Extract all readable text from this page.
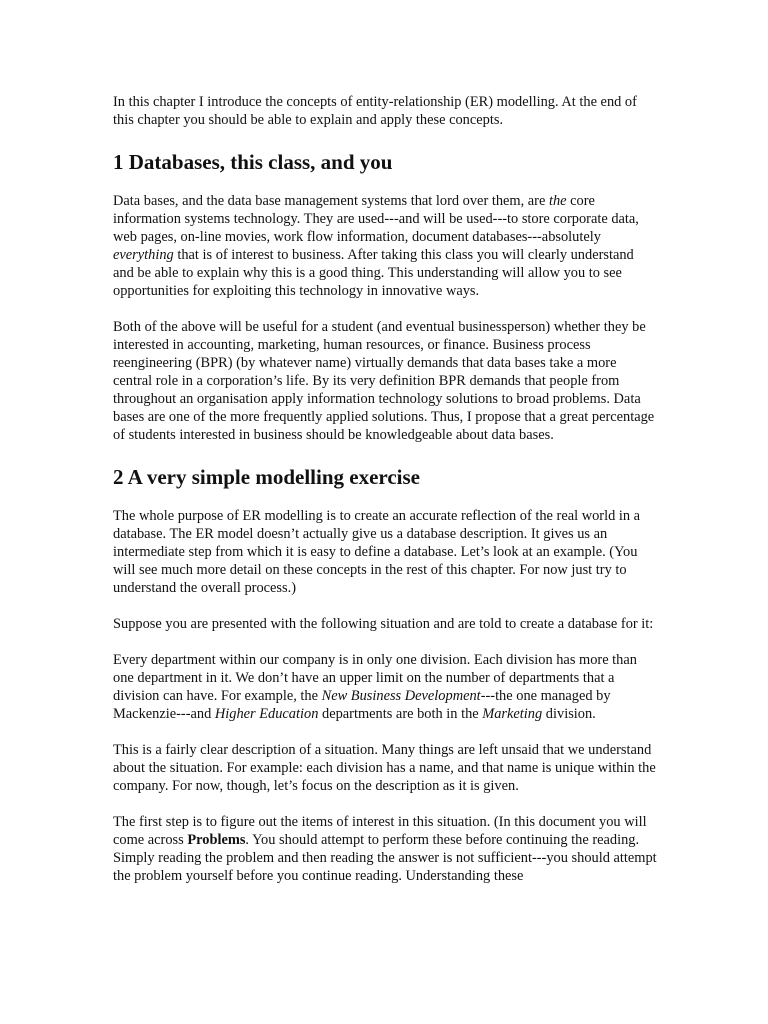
In this chapter I introduce the concepts of entity-relationship (ER) modelling. At the end of this chapter you should be able to explain and apply these concepts.

1 Databases, this class, and you

Data bases, and the data base management systems that lord over them, are the core information systems technology. They are used---and will be used---to store corporate data, web pages, on-line movies, work flow information, document databases---absolutely everything that is of interest to business. After taking this class you will clearly understand and be able to explain why this is a good thing. This understanding will allow you to see opportunities for exploiting this technology in innovative ways.

Both of the above will be useful for a student (and eventual businessperson) whether they be interested in accounting, marketing, human resources, or finance. Business process reengineering (BPR) (by whatever name) virtually demands that data bases take a more central role in a corporation’s life. By its very definition BPR demands that people from throughout an organisation apply information technology solutions to broad problems. Data bases are one of the more frequently applied solutions. Thus, I propose that a great percentage of students interested in business should be knowledgeable about data bases.

2 A very simple modelling exercise

The whole purpose of ER modelling is to create an accurate reflection of the real world in a database. The ER model doesn’t actually give us a database description. It gives us an intermediate step from which it is easy to define a database. Let’s look at an example. (You will see much more detail on these concepts in the rest of this chapter. For now just try to understand the overall process.)

Suppose you are presented with the following situation and are told to create a database for it:

Every department within our company is in only one division. Each division has more than one department in it. We don’t have an upper limit on the number of departments that a division can have. For example, the New Business Development---the one managed by Mackenzie---and Higher Education departments are both in the Marketing division.

This is a fairly clear description of a situation. Many things are left unsaid that we understand about the situation. For example: each division has a name, and that name is unique within the company. For now, though, let’s focus on the description as it is given.

The first step is to figure out the items of interest in this situation. (In this document you will come across Problems. You should attempt to perform these before continuing the reading. Simply reading the problem and then reading the answer is not sufficient---you should attempt the problem yourself before you continue reading. Understanding these
